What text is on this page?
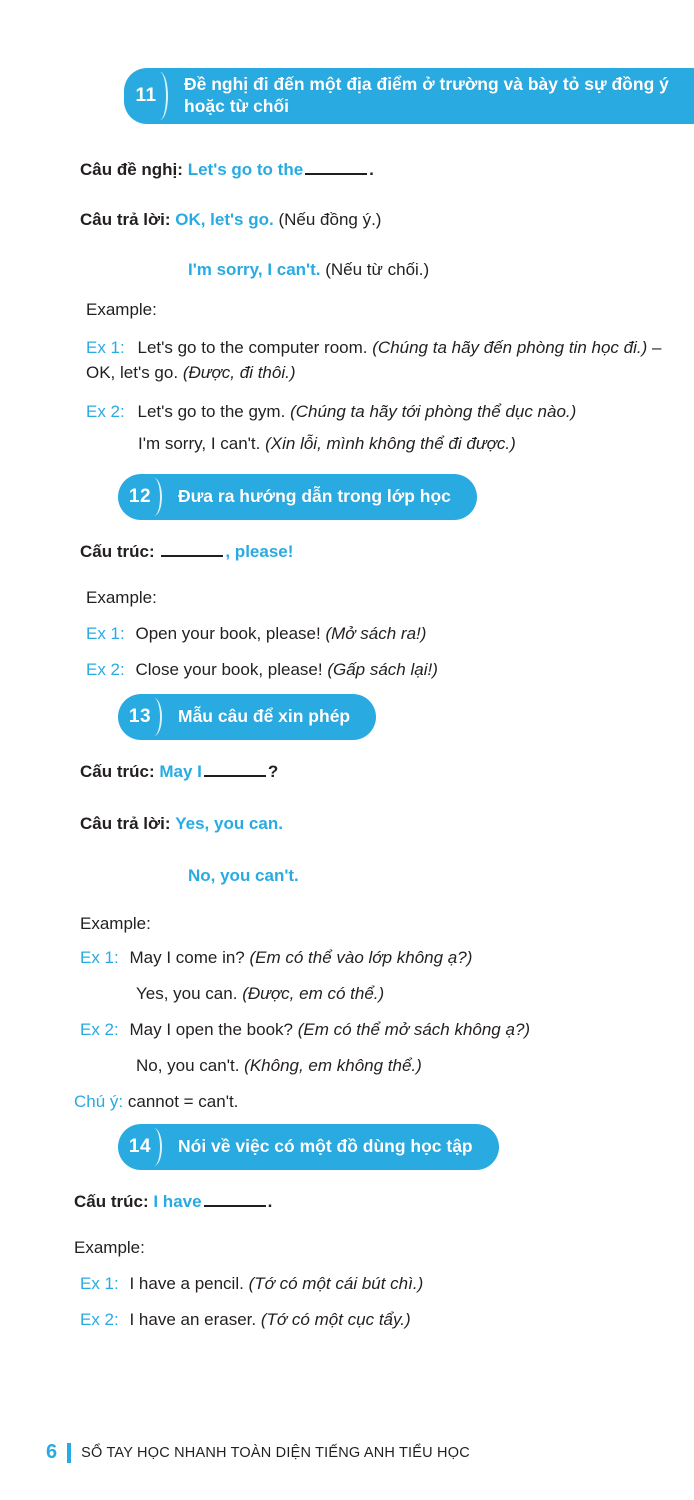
11
Đề nghị đi đến một địa điểm ở trường và bày tỏ sự đồng ý hoặc từ chối
Câu đề nghị: Let's go to the	.
Câu trả lời: OK, let's go. (Nếu đồng ý.)
I'm sorry, I can't. (Nếu từ chối.)
Example:
Ex 1: Let's go to the computer room. (Chúng ta hãy đến phòng tin học đi.) – OK, let's go. (Được, đi thôi.)
Ex 2: Let's go to the gym. (Chúng ta hãy tới phòng thể dục nào.)
I'm sorry, I can't. (Xin lỗi, mình không thể đi được.)
12	Đưa ra hướng dẫn trong lớp học
Cấu trúc:	, please!
Example:
Ex 1: Open your book, please! (Mở sách ra!)
Ex 2: Close your book, please! (Gấp sách lại!)
13	Mẫu câu để xin phép
Cấu trúc: May I	?
Câu trả lời: Yes, you can.
No, you can't.
Example:
Ex 1: May I come in? (Em có thể vào lớp không ạ?)
Yes, you can. (Được, em có thể.)
Ex 2: May I open the book? (Em có thể mở sách không ạ?)
No, you can't. (Không, em không thể.)
Chú ý: cannot = can't.
14	Nói về việc có một đồ dùng học tập
Cấu trúc: I have	.
Example:
Ex 1: I have a pencil. (Tớ có một cái bút chì.)
Ex 2: I have an eraser. (Tớ có một cục tẩy.)
·
6 SỔ TAY HỌC NHANH TOÀN DIỆN TIẾNG ANH TIỂU HỌC
